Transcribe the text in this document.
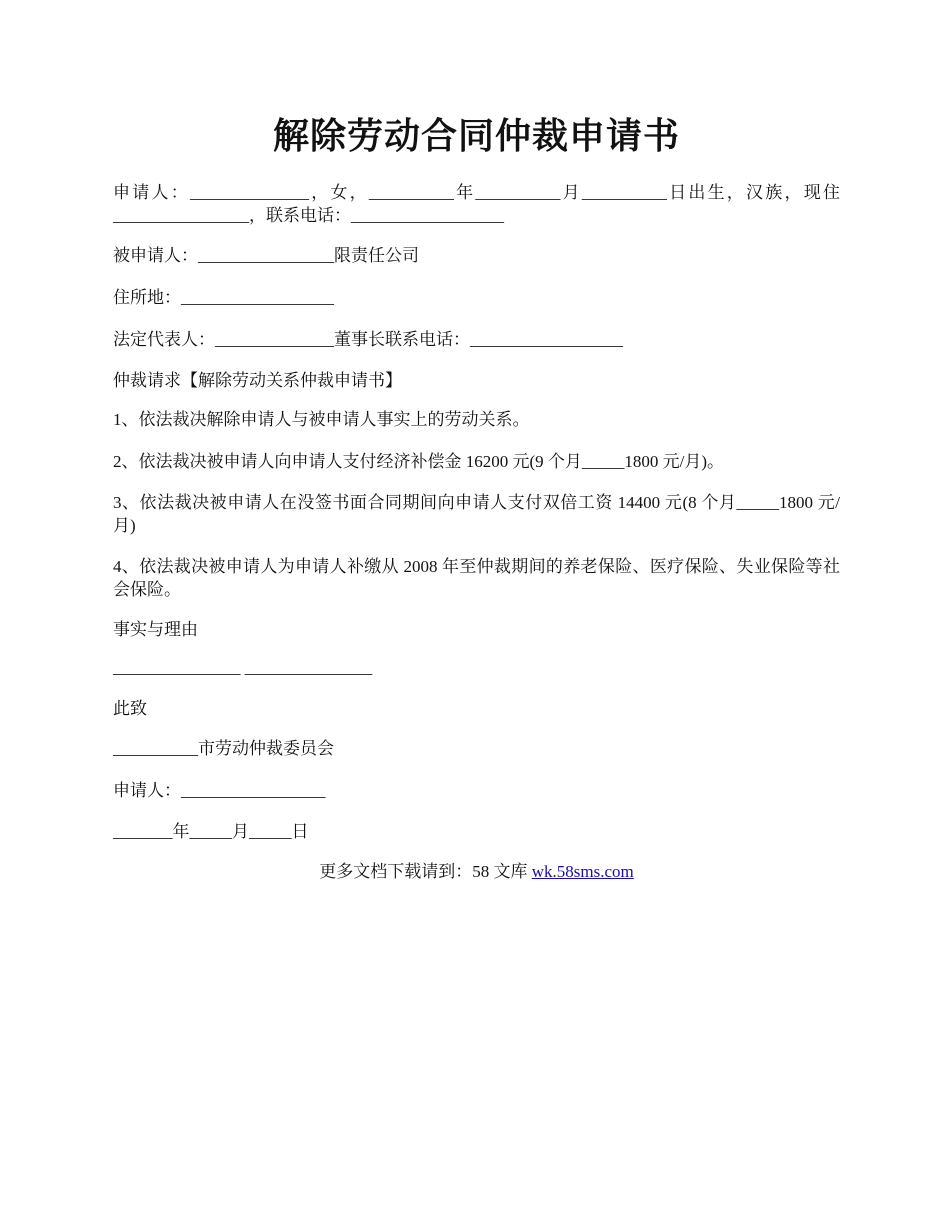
解除劳动合同仲裁申请书

申请人：______________，女，__________年__________月__________日出生，汉族，现住________________，联系电话：__________________

被申请人：________________限责任公司

住所地：__________________

法定代表人：______________董事长联系电话：__________________

仲裁请求【解除劳动关系仲裁申请书】

1、依法裁决解除申请人与被申请人事实上的劳动关系。

2、依法裁决被申请人向申请人支付经济补偿金 16200 元(9 个月_____1800 元/月)。

3、依法裁决被申请人在没签书面合同期间向申请人支付双倍工资 14400 元(8 个月_____1800 元/月)

4、依法裁决被申请人为申请人补缴从 2008 年至仲裁期间的养老保险、医疗保险、失业保险等社会保险。

事实与理由

_______________ _______________

此致

__________市劳动仲裁委员会

申请人：_________________

_______年_____月_____日

更多文档下载请到：58 文库 wk.58sms.com
